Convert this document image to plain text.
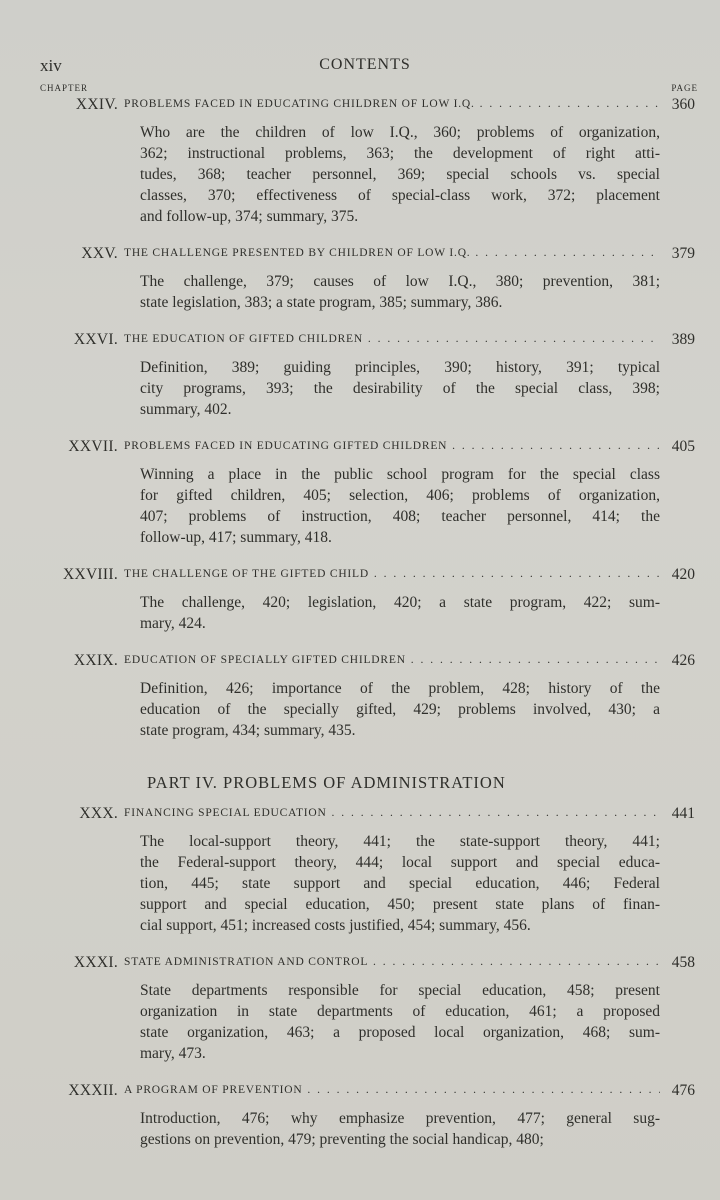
xiv	CONTENTS
CHAPTER	PAGE
XXIV. PROBLEMS FACED IN EDUCATING CHILDREN OF LOW I.Q. . . .	360
Who are the children of low I.Q., 360; problems of organization,
362; instructional problems, 363; the development of right atti-
tudes, 368; teacher personnel, 369; special schools vs. special
classes, 370; effectiveness of special-class work, 372; placement
and follow-up, 374; summary, 375.
XXV. THE CHALLENGE PRESENTED BY CHILDREN OF LOW I.Q. . . .	379
The challenge, 379; causes of low I.Q., 380; prevention, 381;
state legislation, 383; a state program, 385; summary, 386.
XXVI. THE EDUCATION OF GIFTED CHILDREN . . .	389
Definition, 389; guiding principles, 390; history, 391; typical
city programs, 393; the desirability of the special class, 398;
summary, 402.
XXVII. PROBLEMS FACED IN EDUCATING GIFTED CHILDREN . . .	405
Winning a place in the public school program for the special class
for gifted children, 405; selection, 406; problems of organization,
407; problems of instruction, 408; teacher personnel, 414; the
follow-up, 417; summary, 418.
XXVIII. THE CHALLENGE OF THE GIFTED CHILD . . .	420
The challenge, 420; legislation, 420; a state program, 422; sum-
mary, 424.
XXIX. EDUCATION OF SPECIALLY GIFTED CHILDREN . . .	426
Definition, 426; importance of the problem, 428; history of the
education of the specially gifted, 429; problems involved, 430; a
state program, 434; summary, 435.
PART IV. PROBLEMS OF ADMINISTRATION
XXX. FINANCING SPECIAL EDUCATION . . .	441
The local-support theory, 441; the state-support theory, 441;
the Federal-support theory, 444; local support and special educa-
tion, 445; state support and special education, 446; Federal
support and special education, 450; present state plans of finan-
cial support, 451; increased costs justified, 454; summary, 456.
XXXI. STATE ADMINISTRATION AND CONTROL . . .	458
State departments responsible for special education, 458; present
organization in state departments of education, 461; a proposed
state organization, 463; a proposed local organization, 468; sum-
mary, 473.
XXXII. A PROGRAM OF PREVENTION . . .	476
Introduction, 476; why emphasize prevention, 477; general sug-
gestions on prevention, 479; preventing the social handicap, 480;
